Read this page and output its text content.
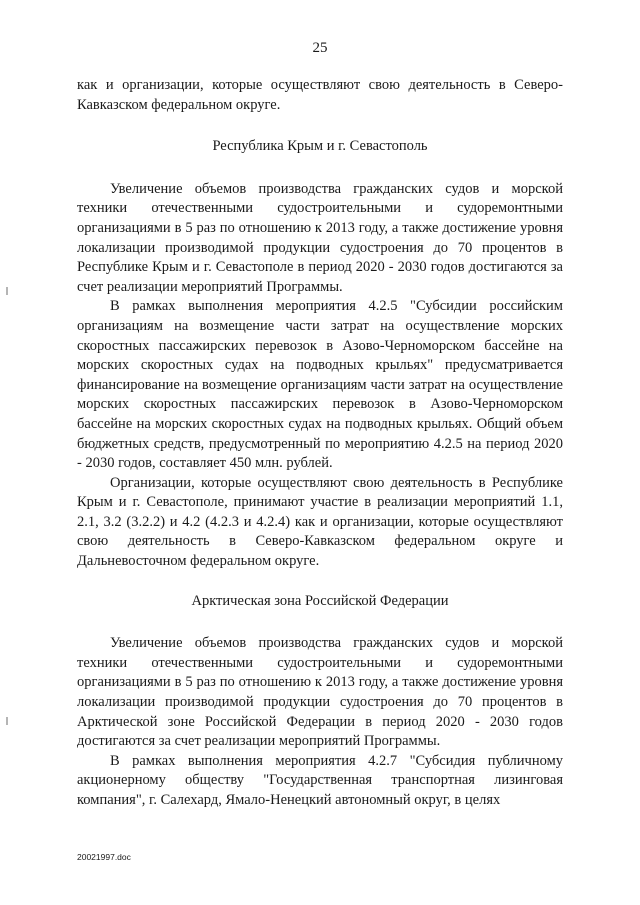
25

как и организации, которые осуществляют свою деятельность в Северо-Кавказском федеральном округе.

Республика Крым и г. Севастополь

Увеличение объемов производства гражданских судов и морской техники отечественными судостроительными и судоремонтными организациями в 5 раз по отношению к 2013 году, а также достижение уровня локализации производимой продукции судостроения до 70 процентов в Республике Крым и г. Севастополе в период 2020 - 2030 годов достигаются за счет реализации мероприятий Программы.

В рамках выполнения мероприятия 4.2.5 "Субсидии российским организациям на возмещение части затрат на осуществление морских скоростных пассажирских перевозок в Азово-Черноморском бассейне на морских скоростных судах на подводных крыльях" предусматривается финансирование на возмещение организациям части затрат на осуществление морских скоростных пассажирских перевозок в Азово-Черноморском бассейне на морских скоростных судах на подводных крыльях. Общий объем бюджетных средств, предусмотренный по мероприятию 4.2.5 на период 2020 - 2030 годов, составляет 450 млн. рублей.

Организации, которые осуществляют свою деятельность в Республике Крым и г. Севастополе, принимают участие в реализации мероприятий 1.1, 2.1, 3.2 (3.2.2) и 4.2 (4.2.3 и 4.2.4) как и организации, которые осуществляют свою деятельность в Северо-Кавказском федеральном округе и Дальневосточном федеральном округе.

Арктическая зона Российской Федерации

Увеличение объемов производства гражданских судов и морской техники отечественными судостроительными и судоремонтными организациями в 5 раз по отношению к 2013 году, а также достижение уровня локализации производимой продукции судостроения до 70 процентов в Арктической зоне Российской Федерации в период 2020 - 2030 годов достигаются за счет реализации мероприятий Программы.

В рамках выполнения мероприятия 4.2.7 "Субсидия публичному акционерному обществу "Государственная транспортная лизинговая компания", г. Салехард, Ямало-Ненецкий автономный округ, в целях

20021997.doc
